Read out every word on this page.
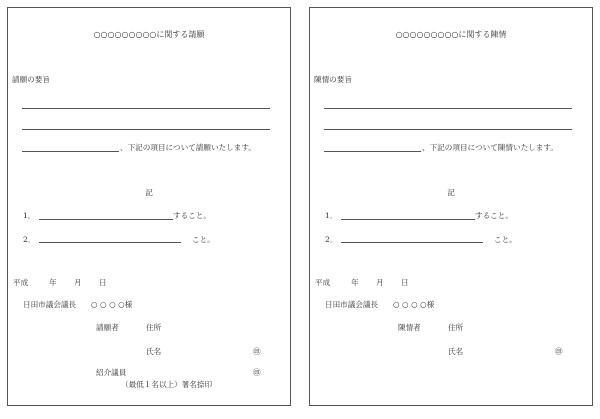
○○○○○○○○○に関する請願
請願の要旨
、下記の項目について請願いたします。
記
1．	すること。
2．	こと。
平成	年 月 日
日田市議会議長 ○ ○ ○ ○様
請願者	住所
氏名	㊞
紹介議員	㊞
（最低１名以上）署名捺印
○○○○○○○○○に関する陳情
陳情の要旨
、下記の項目について陳情いたします。
記
1．	すること。
2．	こと。
平成	年 月 日
日田市議会議長 ○ ○ ○ ○様
陳情者	住所
氏名	㊞
